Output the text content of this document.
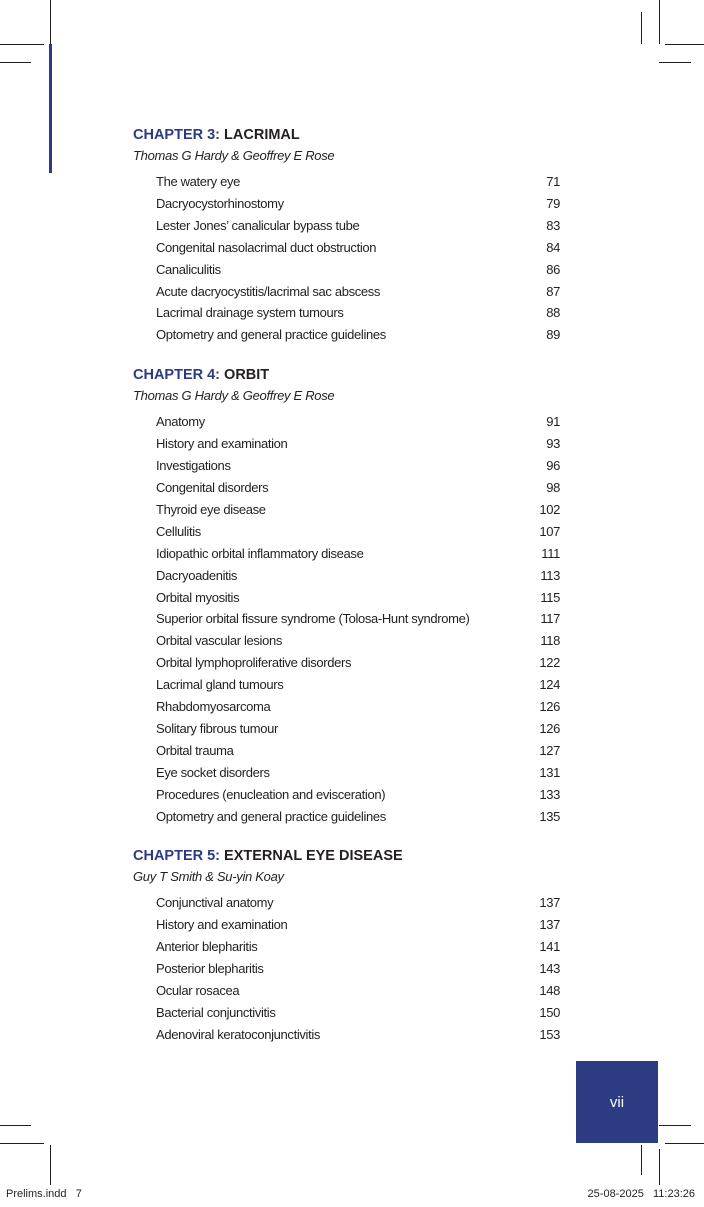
CHAPTER 3: LACRIMAL
Thomas G Hardy & Geoffrey E Rose
The watery eye	71
Dacryocystorhinostomy	79
Lester Jones’ canalicular bypass tube	83
Congenital nasolacrimal duct obstruction	84
Canaliculitis	86
Acute dacryocystitis/lacrimal sac abscess	87
Lacrimal drainage system tumours	88
Optometry and general practice guidelines	89
CHAPTER 4: ORBIT
Thomas G Hardy & Geoffrey E Rose
Anatomy	91
History and examination	93
Investigations	96
Congenital disorders	98
Thyroid eye disease	102
Cellulitis	107
Idiopathic orbital inflammatory disease	111
Dacryoadenitis	113
Orbital myositis	115
Superior orbital fissure syndrome (Tolosa-Hunt syndrome)	117
Orbital vascular lesions	118
Orbital lymphoproliferative disorders	122
Lacrimal gland tumours	124
Rhabdomyosarcoma	126
Solitary fibrous tumour	126
Orbital trauma	127
Eye socket disorders	131
Procedures (enucleation and evisceration)	133
Optometry and general practice guidelines	135
CHAPTER 5: EXTERNAL EYE DISEASE
Guy T Smith & Su-yin Koay
Conjunctival anatomy	137
History and examination	137
Anterior blepharitis	141
Posterior blepharitis	143
Ocular rosacea	148
Bacterial conjunctivitis	150
Adenoviral keratoconjunctivitis	153
vii
Prelims.indd   7	25-08-2025   11:23:26
